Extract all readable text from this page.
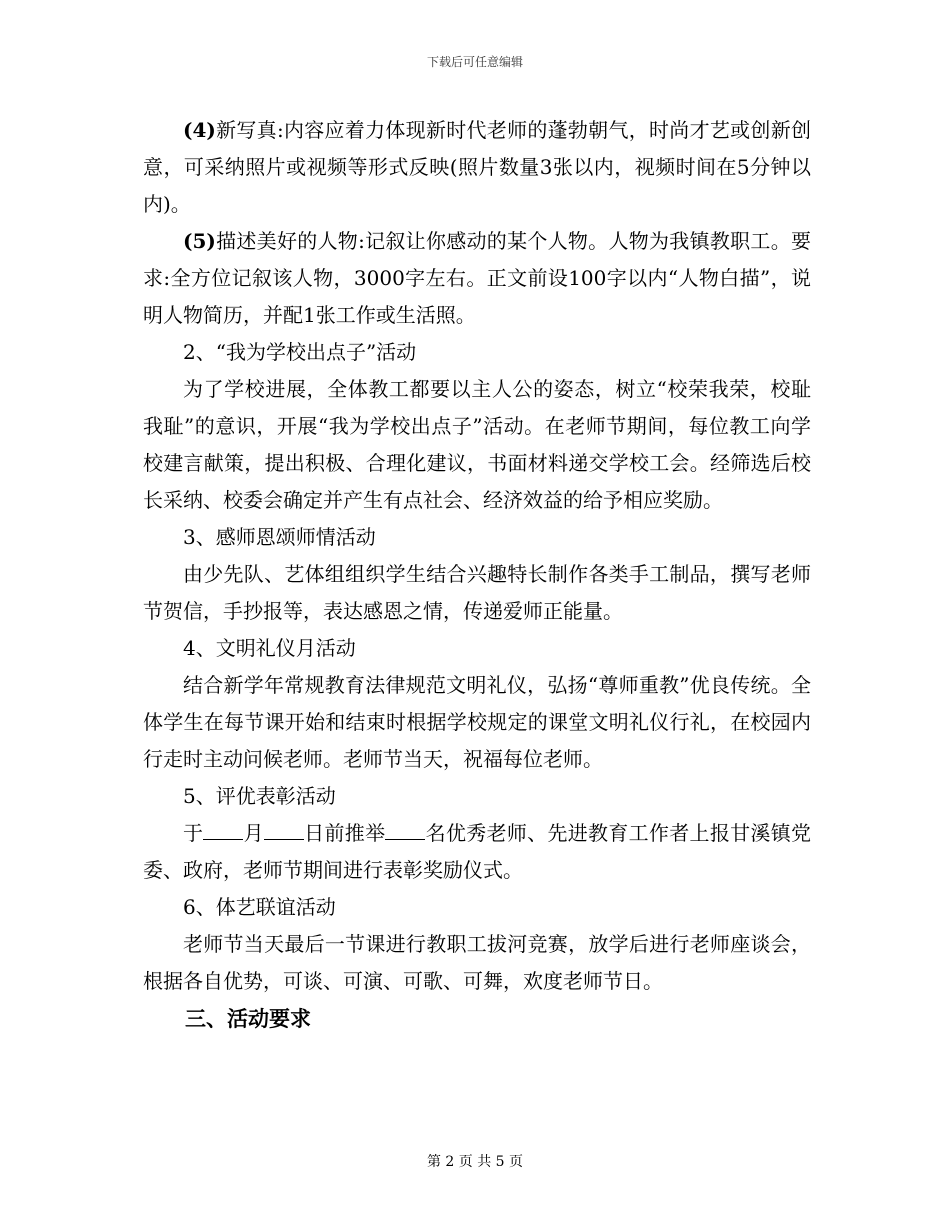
下载后可任意编辑

(4)新写真:内容应着力体现新时代老师的蓬勃朝气，时尚才艺或创新创意，可采纳照片或视频等形式反映(照片数量3张以内，视频时间在5分钟以内)。

(5)描述美好的人物:记叙让你感动的某个人物。人物为我镇教职工。要求:全方位记叙该人物，3000字左右。正文前设100字以内“人物白描”，说明人物简历，并配1张工作或生活照。

2、“我为学校出点子”活动

为了学校进展，全体教工都要以主人公的姿态，树立“校荣我荣，校耻我耻”的意识，开展“我为学校出点子”活动。在老师节期间，每位教工向学校建言献策，提出积极、合理化建议，书面材料递交学校工会。经筛选后校长采纳、校委会确定并产生有点社会、经济效益的给予相应奖励。

3、感师恩颂师情活动

由少先队、艺体组组织学生结合兴趣特长制作各类手工制品，撰写老师节贺信，手抄报等，表达感恩之情，传递爱师正能量。

4、文明礼仪月活动

结合新学年常规教育法律规范文明礼仪，弘扬“尊师重教”优良传统。全体学生在每节课开始和结束时根据学校规定的课堂文明礼仪行礼，在校园内行走时主动问候老师。老师节当天，祝福每位老师。

5、评优表彰活动

于 月 日前推举 名优秀老师、先进教育工作者上报甘溪镇党委、政府，老师节期间进行表彰奖励仪式。

6、体艺联谊活动

老师节当天最后一节课进行教职工拔河竞赛，放学后进行老师座谈会，根据各自优势，可谈、可演、可歌、可舞，欢度老师节日。

三、活动要求

第 2 页 共 5 页
